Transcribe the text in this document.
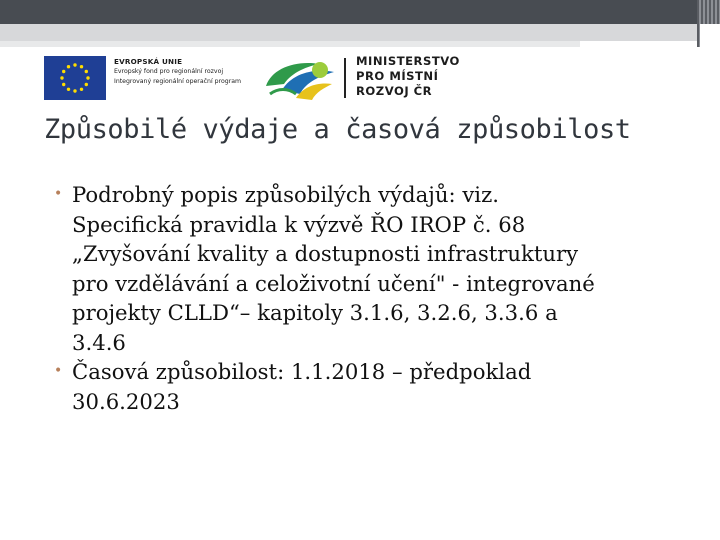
EVROPSKÁ UNIE
Evropský fond pro regionální rozvoj
Integrovaný regionální operační program
MINISTERSTVO
PRO MÍSTNÍ
ROZVOJ ČR
Způsobilé výdaje a časová způsobilost
• Podrobný popis způsobilých výdajů: viz.
Specifická pravidla k výzvě ŘO IROP č. 68
„Zvyšování kvality a dostupnosti infrastruktury
pro vzdělávání a celoživotní učení" - integrované
projekty CLLD“– kapitoly 3.1.6, 3.2.6, 3.3.6 a
3.4.6
• Časová způsobilost: 1.1.2018 – předpoklad
30.6.2023
